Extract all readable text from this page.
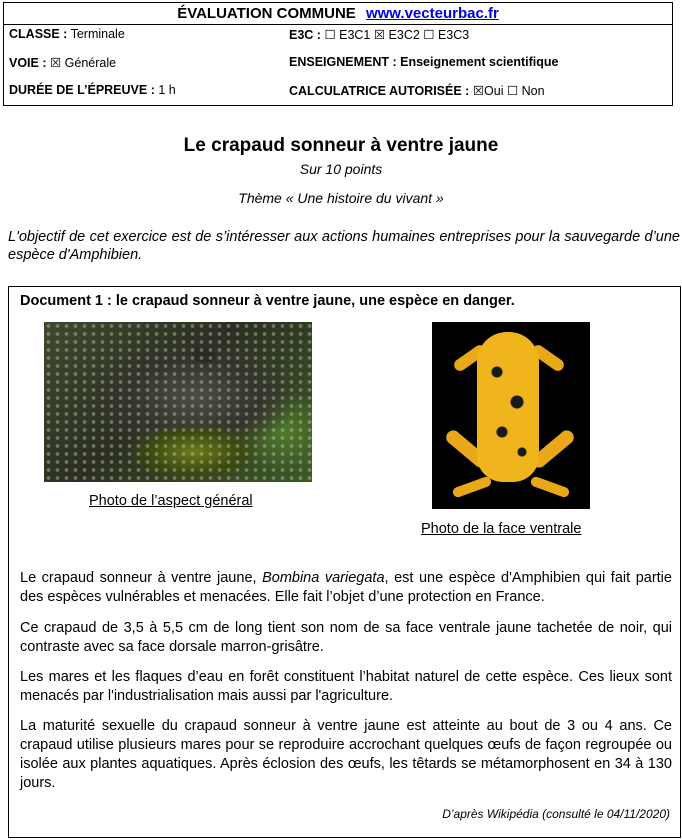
ÉVALUATION COMMUNE www.vecteurbac.fr
CLASSE : Terminale	E3C : ☐ E3C1 ☒ E3C2 ☐ E3C3
VOIE : ☒ Générale	ENSEIGNEMENT : Enseignement scientifique
DURÉE DE L’ÉPREUVE : 1 h	CALCULATRICE AUTORISÉE : ☒Oui ☐ Non
Le crapaud sonneur à ventre jaune
Sur 10 points
Thème « Une histoire du vivant »
L'objectif de cet exercice est de s’intéresser aux actions humaines entreprises pour la sauvegarde d’une espèce d'Amphibien.
Document 1 : le crapaud sonneur à ventre jaune, une espèce en danger.
Photo de l’aspect général
Photo de la face ventrale
Le crapaud sonneur à ventre jaune, Bombina variegata, est une espèce d'Amphibien qui fait partie des espèces vulnérables et menacées. Elle fait l’objet d’une protection en France.
Ce crapaud de 3,5 à 5,5 cm de long tient son nom de sa face ventrale jaune tachetée de noir, qui contraste avec sa face dorsale marron-grisâtre.
Les mares et les flaques d’eau en forêt constituent l’habitat naturel de cette espèce. Ces lieux sont menacés par l'industrialisation mais aussi par l'agriculture.
La maturité sexuelle du crapaud sonneur à ventre jaune est atteinte au bout de 3 ou 4 ans. Ce crapaud utilise plusieurs mares pour se reproduire accrochant quelques œufs de façon regroupée ou isolée aux plantes aquatiques. Après éclosion des œufs, les têtards se métamorphosent en 34 à 130 jours.
D’après Wikipédia (consulté le 04/11/2020)
